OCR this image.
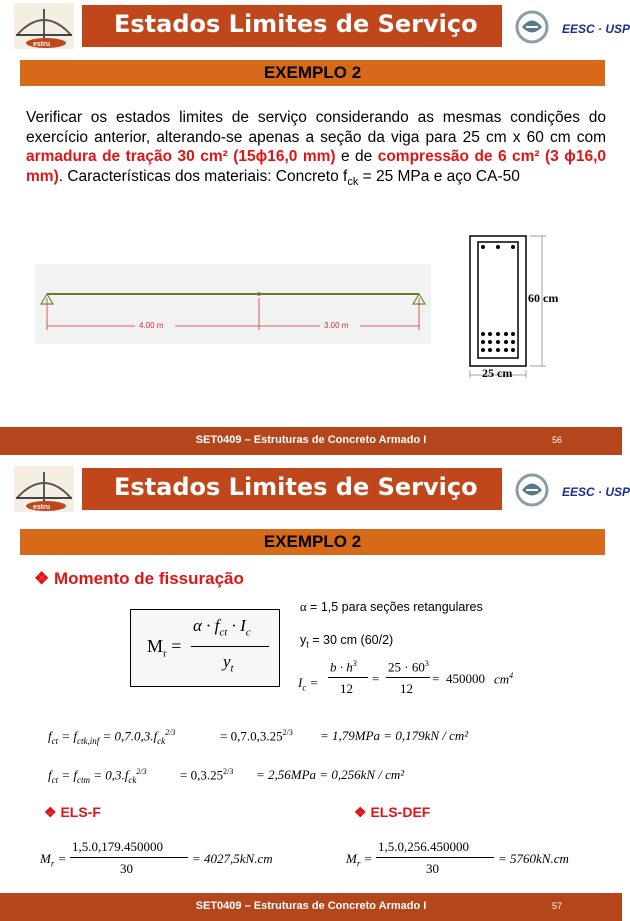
estru
Estados Limites de Serviço	EESC · USP
EXEMPLO 2
Verificar os estados limites de serviço considerando as mesmas condições do exercício anterior, alterando-se apenas a seção da viga para 25 cm x 60 cm com armadura de tração 30 cm² (15ϕ16,0 mm) e de compressão de 6 cm² (3 ϕ16,0 mm). Características dos materiais: Concreto $f_{ck} = 25$ MPa e aço CA-50
4.00 m	3.00 m
60 cm
25 cm
SET0409 – Estruturas de Concreto Armado I	56
estru
Estados Limites de Serviço	EESC · USP
EXEMPLO 2
❖ Momento de fissuração
$M_r$ =
$\alpha \cdot f_{ct} \cdot I_c$
$y_t$
α = 1,5 para seções retangulares
$y_t = 30$ cm (60/2)
$I_c$ =
$b \cdot h^3$
12
=
$25 \cdot 60^3$
12
= 450000 $cm^4$
$f_{ct} = f_{ctk,inf} = 0,7.0,3.f_{ck}^{2/3}$	= $0,7.0,3.25^{2/3} = 1,79MPa = 0,179kN / cm^2$
$f_{ct} = f_{ctm} = 0,3.f_{ck}^{2/3}$	= $0,3.25^{2/3} = 2,56MPa = 0,256kN / cm^2$
❖ ELS-F
$M_r$ =
1,5.0,179.450000
30
= 4027,5kN.cm
❖ ELS-DEF
$M_r$ =
1,5.0,256.450000
30
= 5760kN.cm
SET0409 – Estruturas de Concreto Armado I	57
